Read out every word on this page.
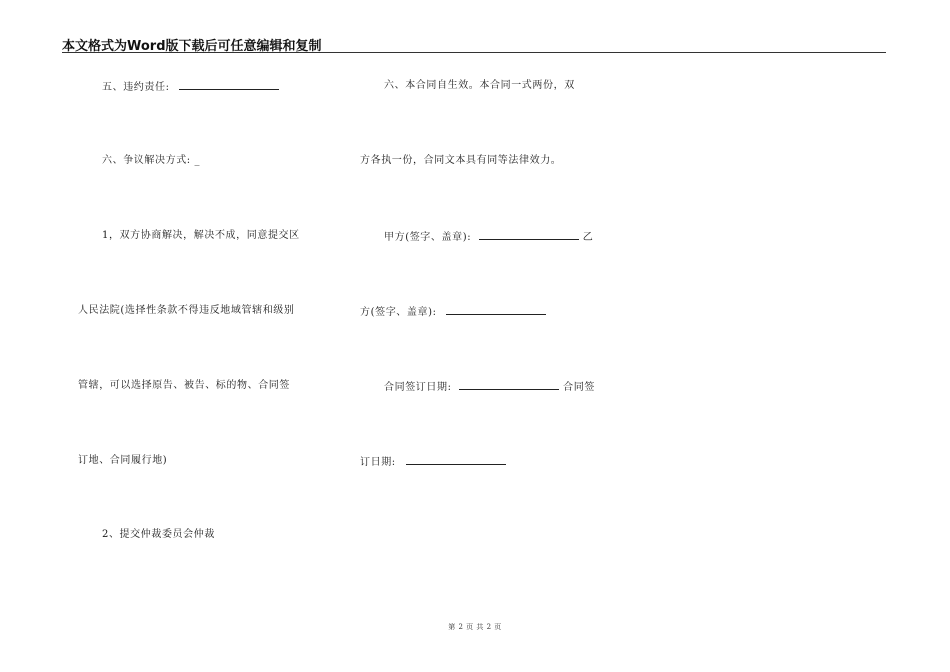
本文格式为Word版下载后可任意编辑和复制
五、违约责任:
六、争议解决方式: _
1，双方协商解决，解决不成，同意提交区
人民法院(选择性条款不得违反地域管辖和级别
管辖，可以选择原告、被告、标的物、合同签
订地、合同履行地)
2、提交仲裁委员会仲裁
六、本合同自生效。本合同一式两份，双
方各执一份，合同文本具有同等法律效力。
甲方(签字、盖章):	乙
方(签字、盖章):
合同签订日期:	合同签
订日期:
第 2 页 共 2 页
